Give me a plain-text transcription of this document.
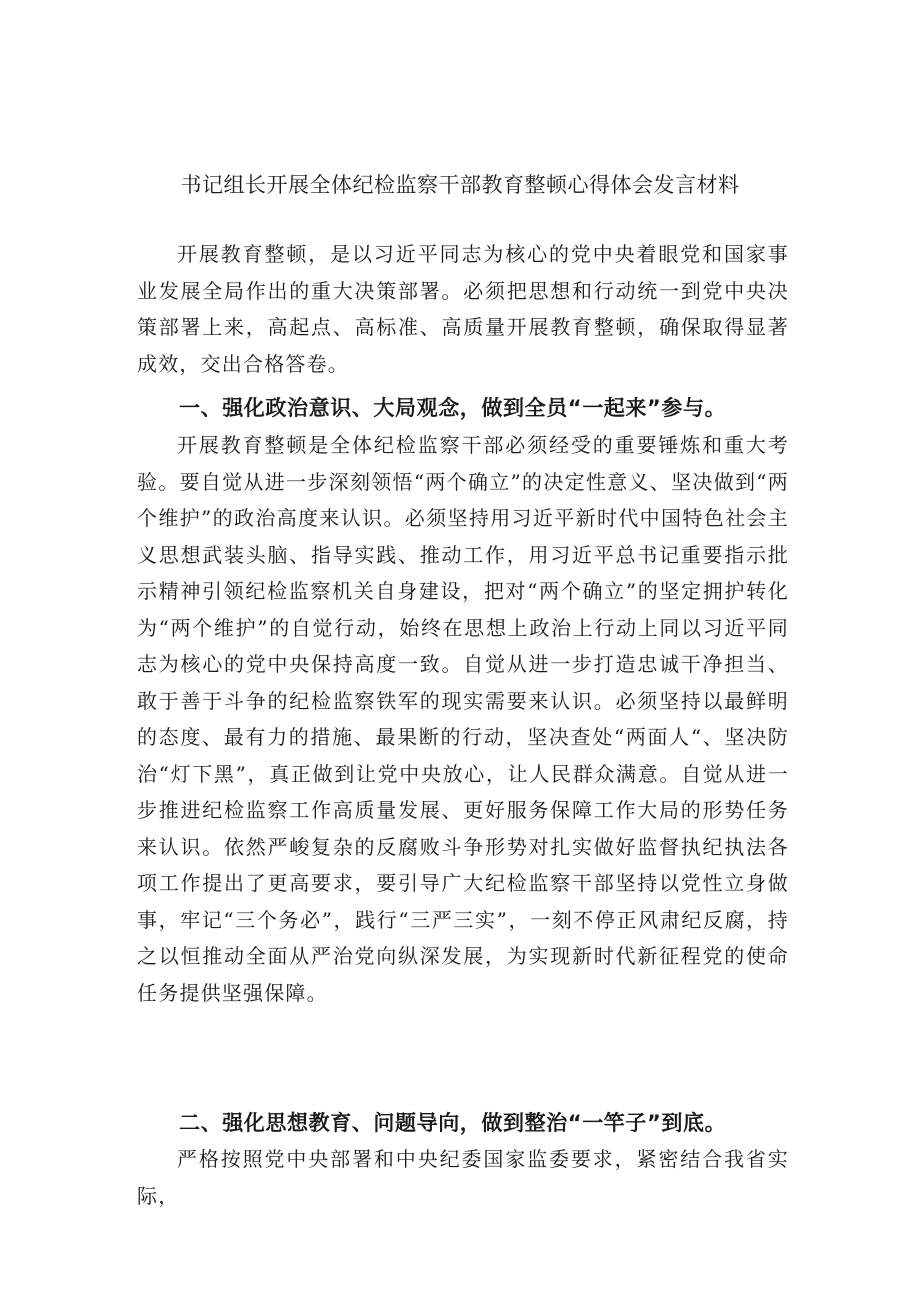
书记组长开展全体纪检监察干部教育整顿心得体会发言材料

开展教育整顿，是以习近平同志为核心的党中央着眼党和国家事业发展全局作出的重大决策部署。必须把思想和行动统一到党中央决策部署上来，高起点、高标准、高质量开展教育整顿，确保取得显著成效，交出合格答卷。

一、强化政治意识、大局观念，做到全员“一起来”参与。

开展教育整顿是全体纪检监察干部必须经受的重要锤炼和重大考验。要自觉从进一步深刻领悟“两个确立”的决定性意义、坚决做到“两个维护”的政治高度来认识。必须坚持用习近平新时代中国特色社会主义思想武装头脑、指导实践、推动工作，用习近平总书记重要指示批示精神引领纪检监察机关自身建设，把对“两个确立”的坚定拥护转化为“两个维护”的自觉行动，始终在思想上政治上行动上同以习近平同志为核心的党中央保持高度一致。自觉从进一步打造忠诚干净担当、敢于善于斗争的纪检监察铁军的现实需要来认识。必须坚持以最鲜明的态度、最有力的措施、最果断的行动，坚决查处“两面人“、坚决防治“灯下黑”，真正做到让党中央放心，让人民群众满意。自觉从进一步推进纪检监察工作高质量发展、更好服务保障工作大局的形势任务来认识。依然严峻复杂的反腐败斗争形势对扎实做好监督执纪执法各项工作提出了更高要求，要引导广大纪检监察干部坚持以党性立身做事，牢记“三个务必”，践行“三严三实”，一刻不停正风肃纪反腐，持之以恒推动全面从严治党向纵深发展，为实现新时代新征程党的使命任务提供坚强保障。

二、强化思想教育、问题导向，做到整治“一竿子”到底。

严格按照党中央部署和中央纪委国家监委要求，紧密结合我省实际，
